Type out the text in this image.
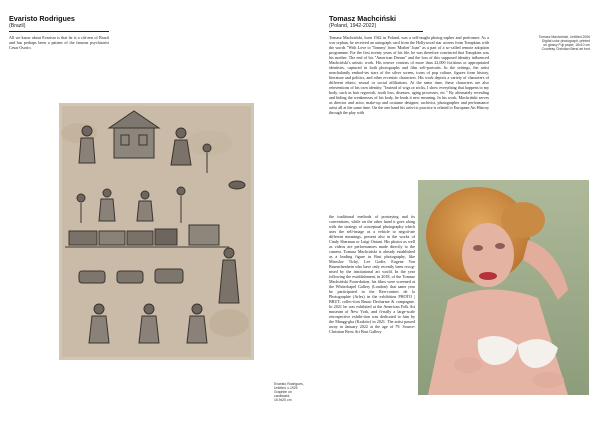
Evaristo Rodrigues
(Brazil)
All we know about Evaristo is that he is a citi-zen of Brazil and has perhaps been a patient of the famous psychiatrist Cesar Osorio.
Evaristo Rodrigues,
Untitled, c.1925
Graphite on cardboard,
16.9x20 cm
Tomasz Machciński
(Poland, 1942-2022)
Tomasz Machciński, Untitled,2006
Digital color photograph, printed
on glossy Fuji paper, 16x10 cm
Courtesy Christian Berst art brut
Tomasz Machciński, born 1942 in Poland, was a self-taught photog-rapher and performer. As a war orphan, he received an autograph card from the Hollywood star actress from Tompkins with the words "With Love to 'Tommy' from 'Mother' Joan" as a part of a so-called remote adoption programme. For the first twenty years of his life, he was therefore convinced that Tompkins was his mother. The end of his "American Dream" and the loss of this supposed identity influenced Machciński's artistic work. His oeuvre consists of more than 22,000 fictitious or appropriated identities, captured in both photographs and film self-portraits. In the settings, the artist nonchalantly embod-ies stars of the silver screen, icons of pop culture, figures from history, literature and politics, and other eccentric characters. His work depicts a variety of characters of different ethnic, sexual or social affiliations. At the same time, these characters are also reinventions of his own identity: "Instead of wigs or tricks, I show everything that happens to my body, such as hair regrowth, tooth loss, diseases, aging processes, etc." By alternately revealing and hiding the weaknesses of his body, he leads it new meaning. In his work, Machciński serves as director and actor, make-up and costume designer, archivist, photographer and performance artist all at the same time. On the one hand his artis-tic practice is related to European Art History through the play with

the traditional methods of portraying and its conventions, while on the other hand it goes along with the strategy of conceptual photography which uses the self-image as a vehicle to negoti-ate different meanings, present also in the works of Cindy Sherman or Luigi Ontani. His photos as well as videos are performances made directly to the camera. Tomasz Machciński is already established as a leading figure in Brut photography, like Miroslav Tichý, Lee Godie, Eugene Von Bruenchenhein who have only recently been recog-nised by the institutional art world. In the year following the establishment, in 2018, of the Tomasz Machciński Foun-dation, his films were screened at the Whitechapel Gallery (London): that same year he participated in the Ren-contres de la Photographie (Arles) in the exhibition PHOTO | BRUT, collec-tion Bruno Decharme & compagnie. In 2021 he was exhibited at the American Folk Art museum of New York, and fi-nally a large-scale retrospective exhibi-tion was dedicated to him by the Mangg-gha (Kraków) in 2021. The artist passed away in January 2022 at the age of 79. Source: Christian Berst Art Brut Gallery
